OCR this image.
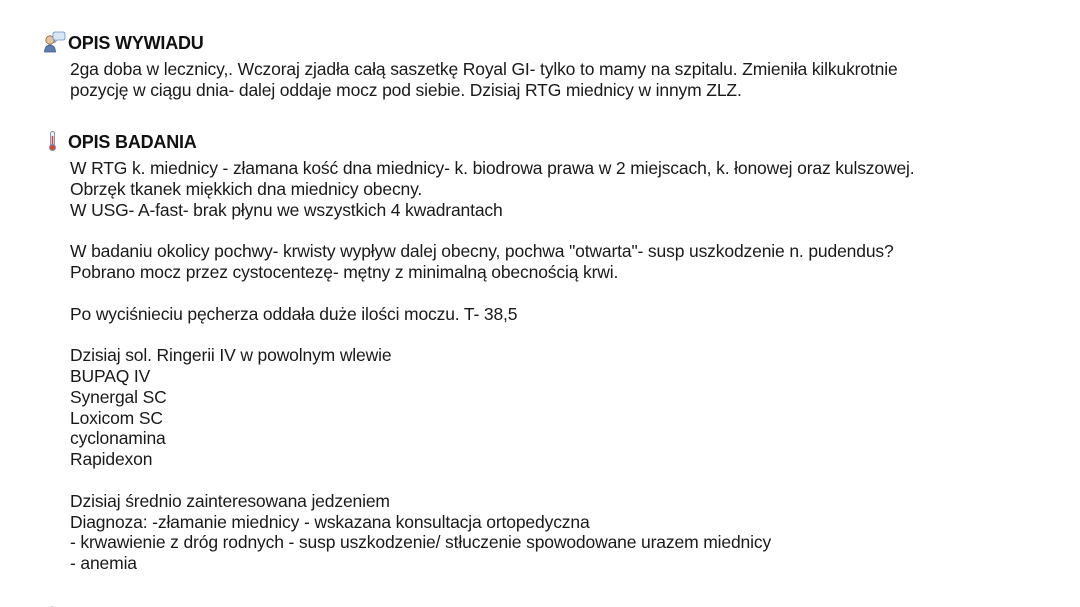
OPIS WYWIADU
2ga doba w lecznicy,. Wczoraj zjadła całą saszetkę Royal GI- tylko to mamy na szpitalu. Zmieniła kilkukrotnie
pozycję w ciągu dnia- dalej oddaje mocz pod siebie. Dzisiaj RTG miednicy w innym ZLZ.
OPIS BADANIA
W RTG k. miednicy - złamana kość dna miednicy- k. biodrowa prawa w 2 miejscach, k. łonowej oraz kulszowej.
Obrzęk tkanek miękkich dna miednicy obecny.
W USG- A-fast- brak płynu we wszystkich 4 kwadrantach
W badaniu okolicy pochwy- krwisty wypływ dalej obecny, pochwa "otwarta"- susp uszkodzenie n. pudendus?
Pobrano mocz przez cystocentezę- mętny z minimalną obecnością krwi.
Po wyciśnieciu pęcherza oddała duże ilości moczu. T- 38,5
Dzisiaj sol. Ringerii IV w powolnym wlewie
BUPAQ IV
Synergal SC
Loxicom SC
cyclonamina
Rapidexon
Dzisiaj średnio zainteresowana jedzeniem
Diagnoza: -złamanie miednicy - wskazana konsultacja ortopedyczna
- krwawienie z dróg rodnych - susp uszkodzenie/ stłuczenie spowodowane urazem miednicy
- anemia
